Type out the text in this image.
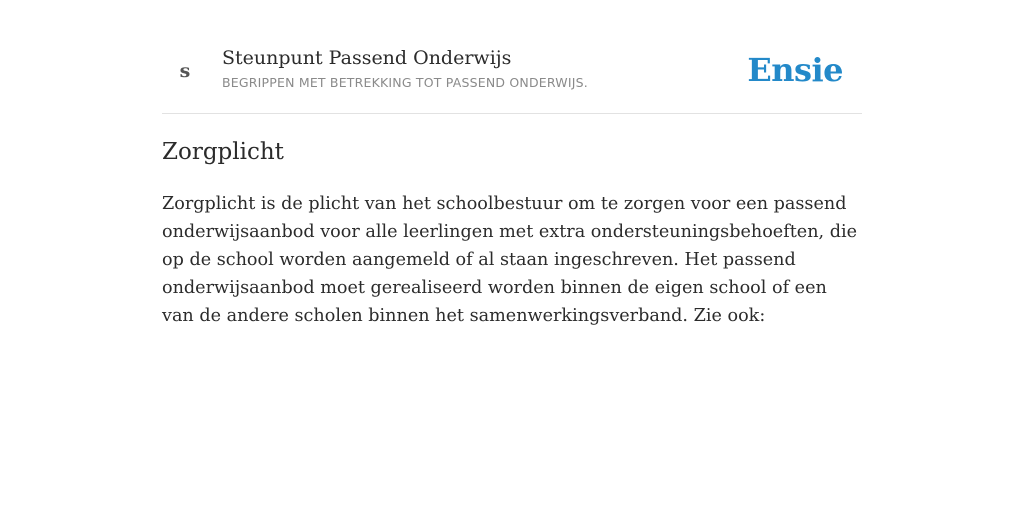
s
Steunpunt Passend Onderwijs
BEGRIPPEN MET BETREKKING TOT PASSEND ONDERWIJS.	Ensie
Zorgplicht

Zorgplicht is de plicht van het schoolbestuur om te zorgen voor een passend onderwijsaanbod voor alle leerlingen met extra ondersteuningsbehoeften, die op de school worden aangemeld of al staan ingeschreven. Het passend onderwijsaanbod moet gerealiseerd worden binnen de eigen school of een van de andere scholen binnen het samenwerkingsverband. Zie ook:
